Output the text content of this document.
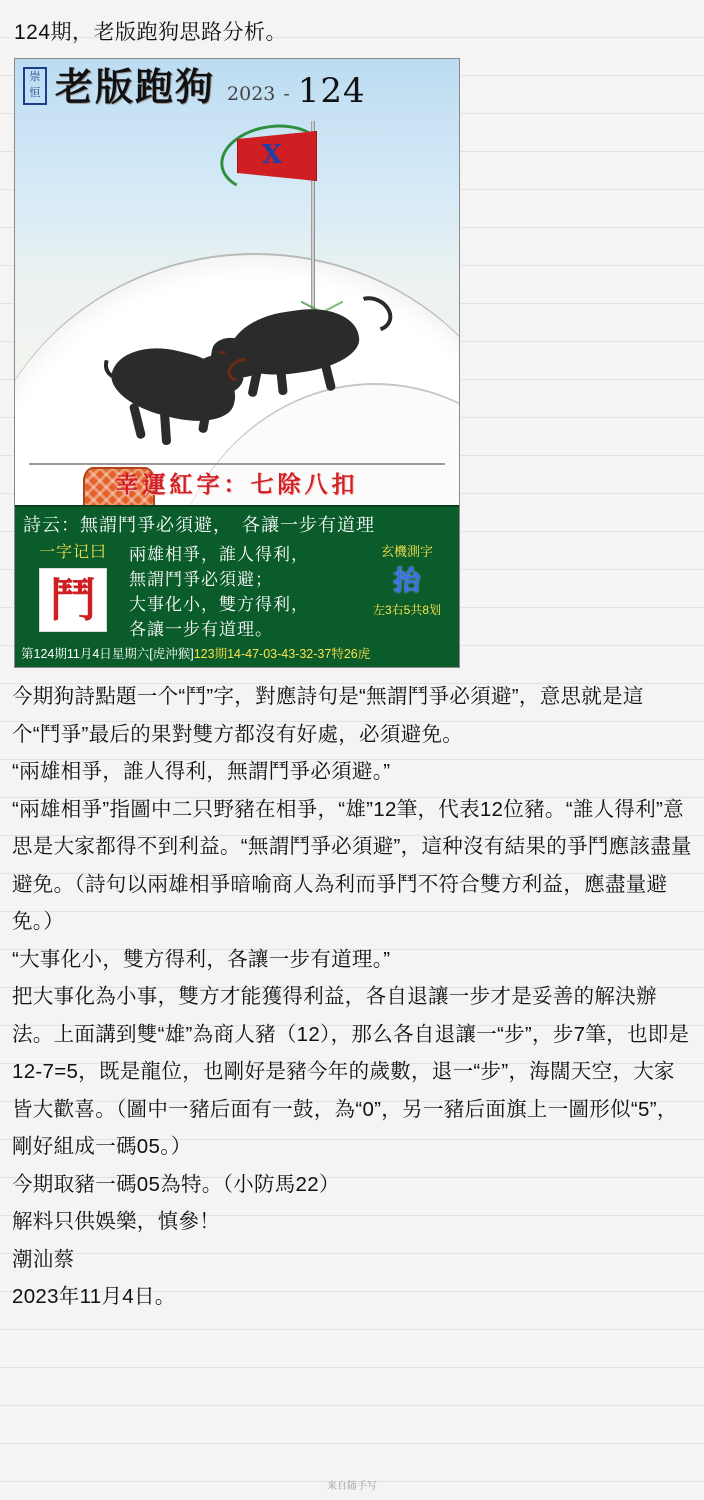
124期，老版跑狗思路分析。
崇恒 老版跑狗 2023 - 124
X
幸運紅字：七除八扣
詩云：無謂鬥爭必須避，　各讓一步有道理
一字记曰
鬥
兩雄相爭，誰人得利，
無謂鬥爭必須避；
大事化小，雙方得利，
各讓一步有道理。
玄機測字
抬
左3右5共8划
第124期11月4日星期六[虎沖猴]123期14-47-03-43-32-37特26虎

今期狗詩點題一个“鬥”字，對應詩句是“無謂鬥爭必須避”，意思就是這个“鬥爭”最后的果對雙方都沒有好處，必須避免。

“兩雄相爭，誰人得利，無謂鬥爭必須避。”

“兩雄相爭”指圖中二只野豬在相爭，“雄”12筆，代表12位豬。“誰人得利”意思是大家都得不到利益。“無謂鬥爭必須避”，這种沒有結果的爭鬥應該盡量避免。（詩句以兩雄相爭暗喻商人為利而爭鬥不符合雙方利益，應盡量避免。）

“大事化小，雙方得利，各讓一步有道理。”

把大事化為小事，雙方才能獲得利益，各自退讓一步才是妥善的解決辦法。上面講到雙“雄”為商人豬（12），那么各自退讓一“步”，步7筆，也即是12-7=5，既是龍位，也剛好是豬今年的歲數，退一“步”，海闊天空，大家皆大歡喜。（圖中一豬后面有一鼓，為“0”，另一豬后面旗上一圖形似“5”，剛好組成一碼05。）

今期取豬一碼05為特。（小防馬22）

解料只供娛樂，慎參！

潮汕蔡

2023年11月4日。

来自随手写
